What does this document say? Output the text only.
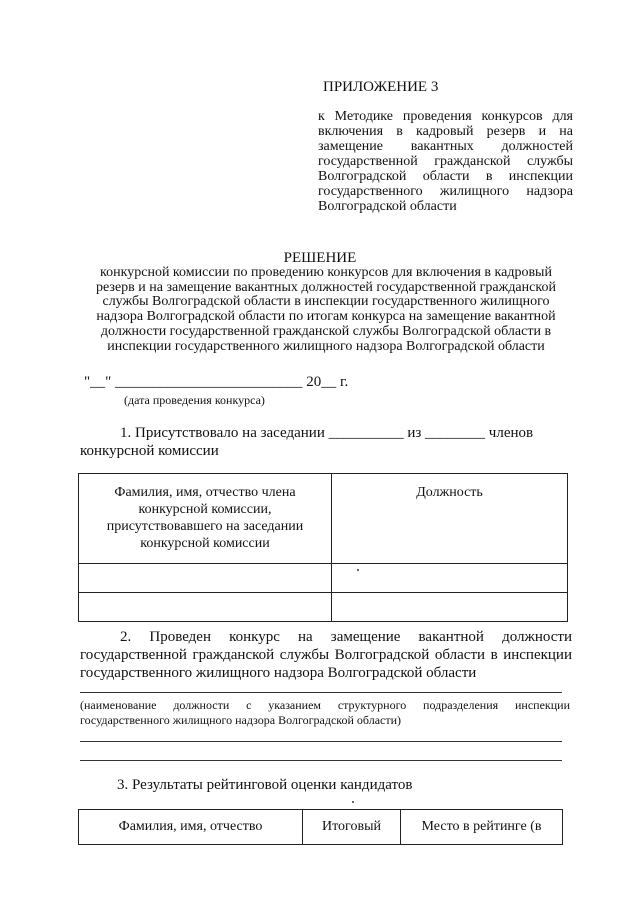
ПРИЛОЖЕНИЕ 3
к Методике проведения конкурсов для включения в кадровый резерв и на замещение вакантных должностей государственной гражданской службы Волгоградской области в инспекции государственного жилищного надзора Волгоградской области
РЕШЕНИЕ
конкурсной комиссии по проведению конкурсов для включения в кадровый резерв и на замещение вакантных должностей государственной гражданской службы Волгоградской области в инспекции государственного жилищного надзора Волгоградской области по итогам конкурса на замещение вакантной должности государственной гражданской службы Волгоградской области в инспекции государственного жилищного надзора Волгоградской области
"__" _________________________ 20__ г.
(дата проведения конкурса)
1. Присутствовало на заседании __________ из ________ членов
конкурсной комиссии
Фамилия, имя, отчество члена конкурсной комиссии, присутствовавшего на заседании конкурсной комиссии	Должность

2. Проведен конкурс на замещение вакантной должности
государственной гражданской службы Волгоградской области в инспекции государственного жилищного надзора Волгоградской области
(наименование должности с указанием структурного подразделения инспекции
государственного жилищного надзора Волгоградской области)
3. Результаты рейтинговой оценки кандидатов
Фамилия, имя, отчество	Итоговый	Место в рейтинге (в
